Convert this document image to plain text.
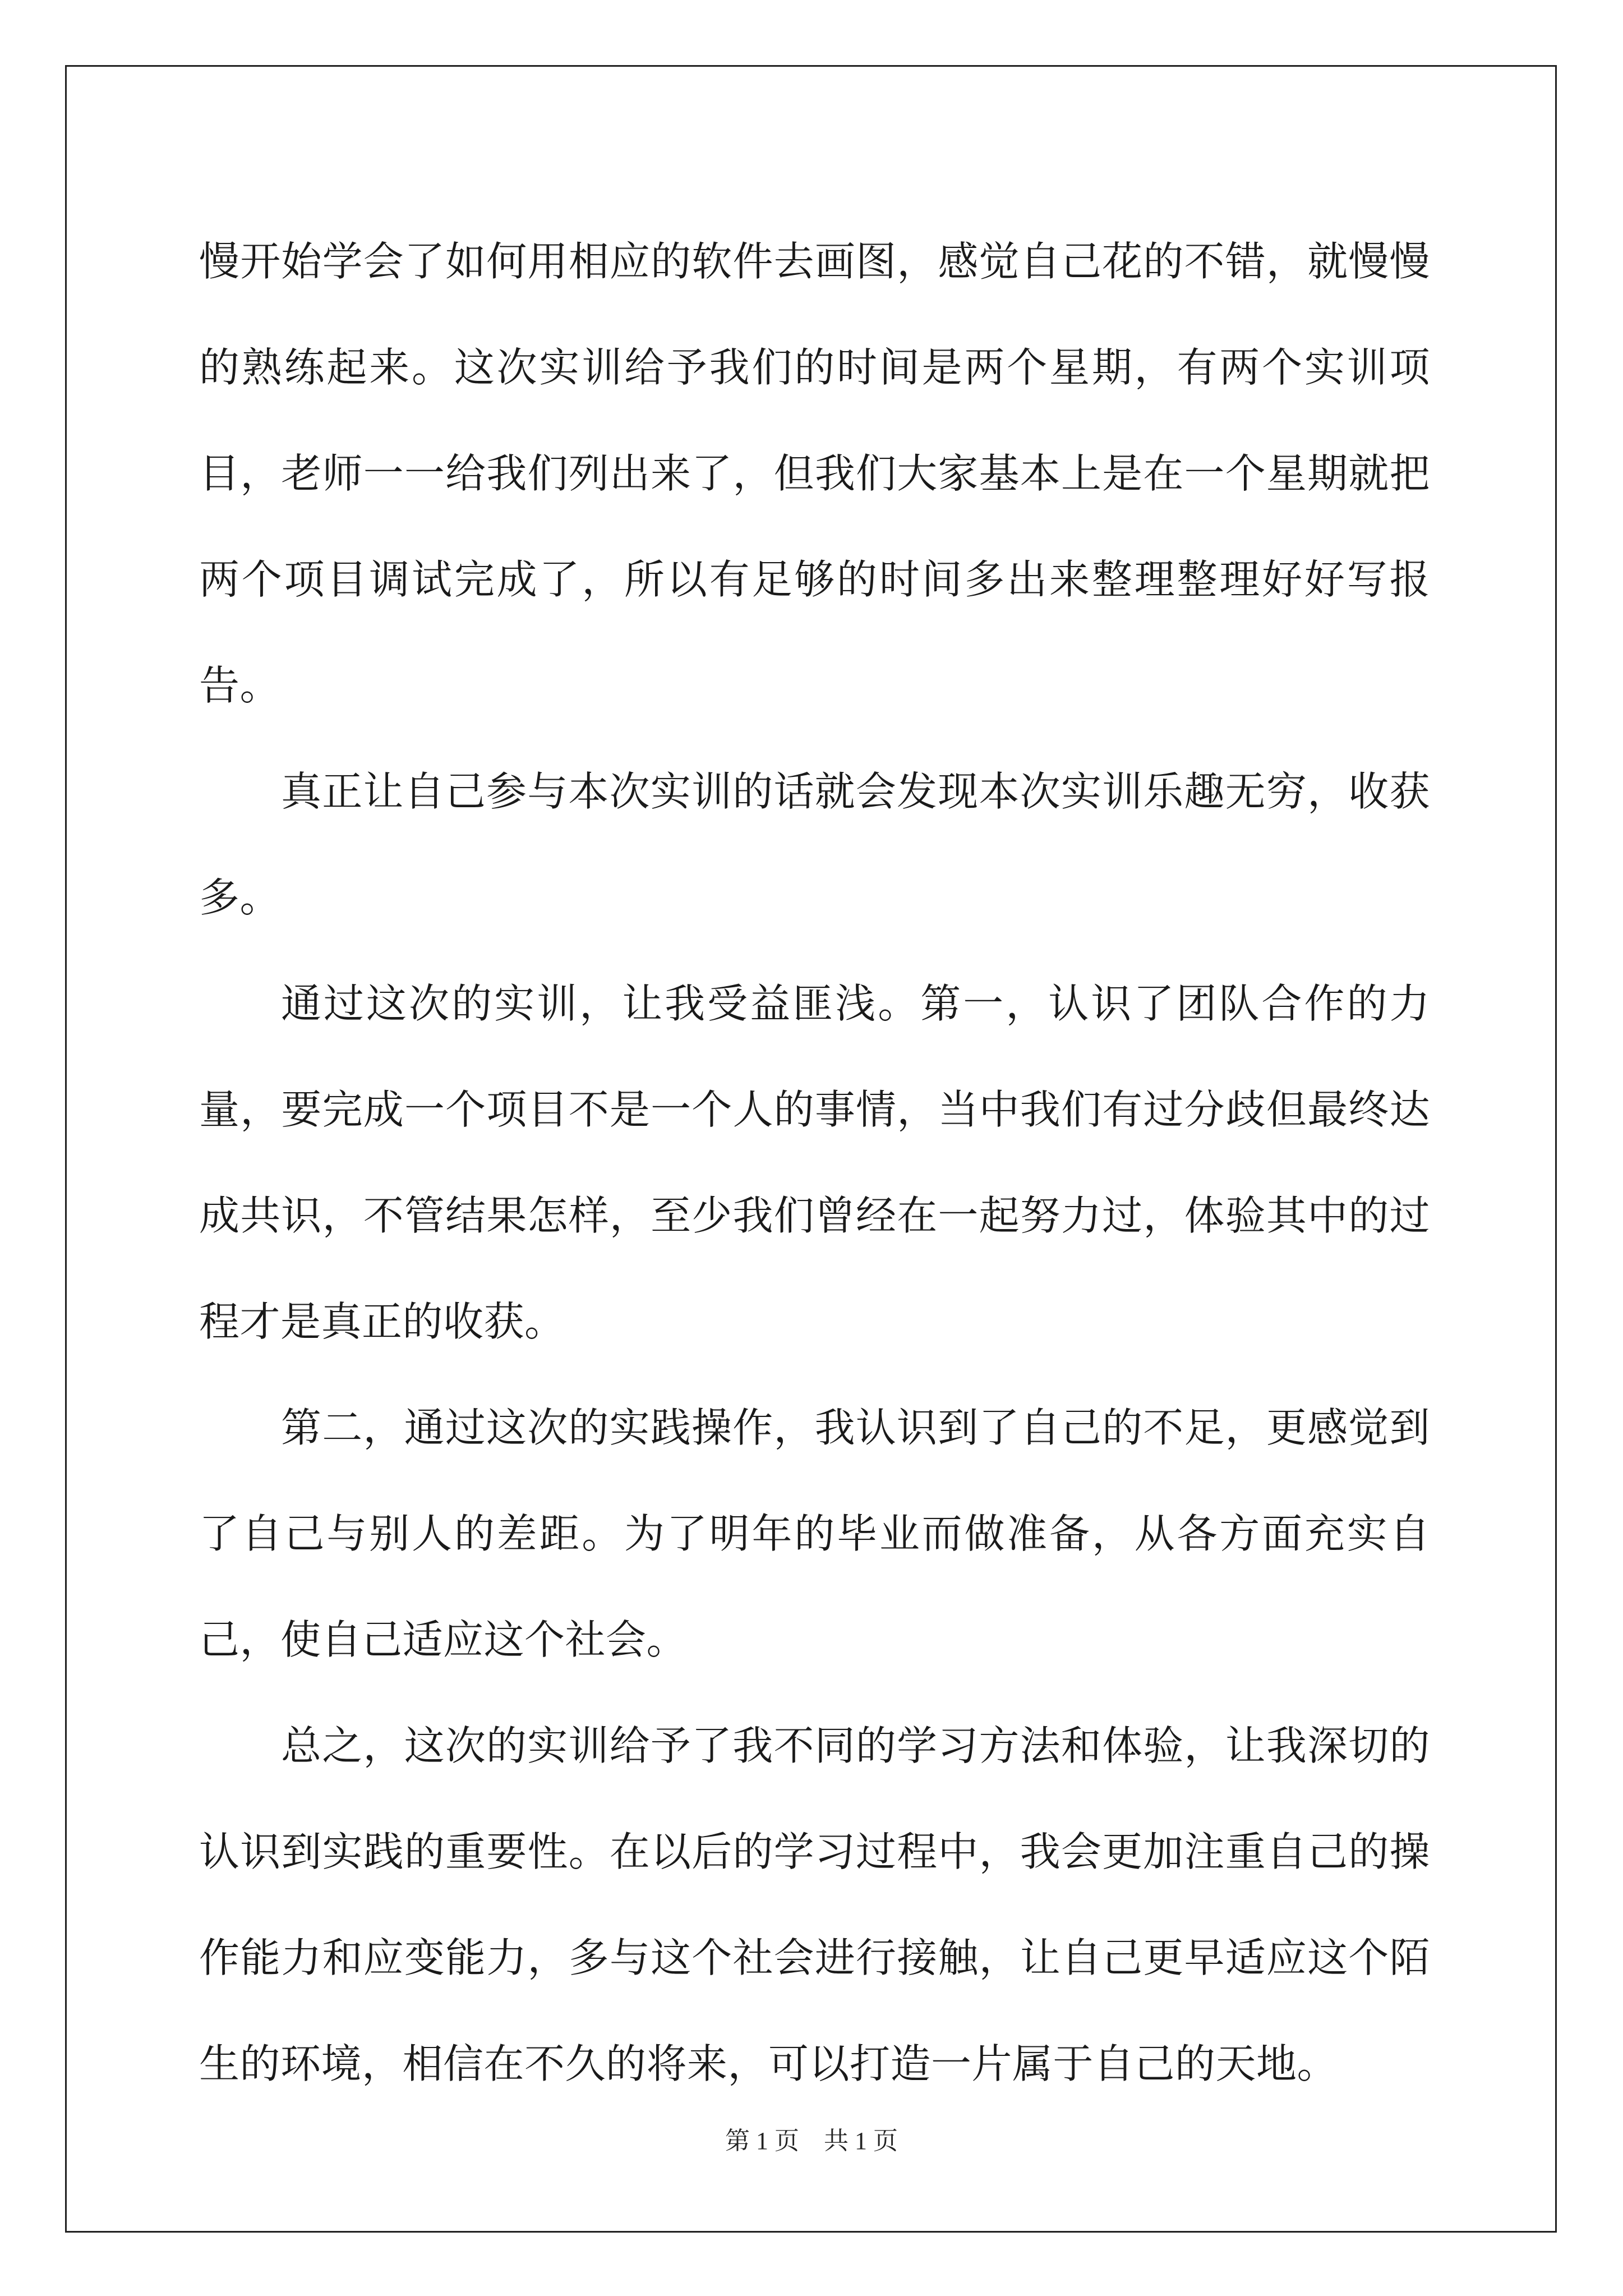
慢开始学会了如何用相应的软件去画图，感觉自己花的不错，就慢慢的熟练起来。这次实训给予我们的时间是两个星期，有两个实训项目，老师一一给我们列出来了，但我们大家基本上是在一个星期就把两个项目调试完成了，所以有足够的时间多出来整理整理好好写报告。

真正让自己参与本次实训的话就会发现本次实训乐趣无穷，收获多。

通过这次的实训，让我受益匪浅。第一，认识了团队合作的力量，要完成一个项目不是一个人的事情，当中我们有过分歧但最终达成共识，不管结果怎样，至少我们曾经在一起努力过，体验其中的过程才是真正的收获。

第二，通过这次的实践操作，我认识到了自己的不足，更感觉到了自己与别人的差距。为了明年的毕业而做准备，从各方面充实自己，使自己适应这个社会。

总之，这次的实训给予了我不同的学习方法和体验，让我深切的认识到实践的重要性。在以后的学习过程中，我会更加注重自己的操作能力和应变能力，多与这个社会进行接触，让自己更早适应这个陌生的环境，相信在不久的将来，可以打造一片属于自己的天地。

第 1 页 共 1 页
